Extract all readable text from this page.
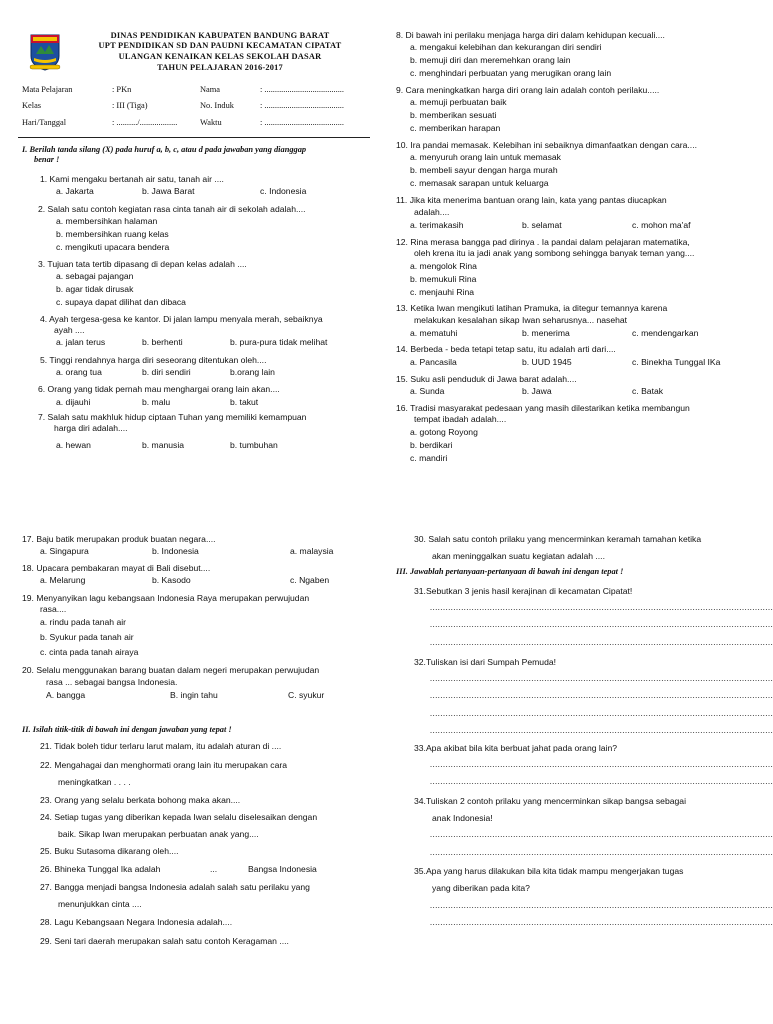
DINAS PENDIDIKAN KABUPATEN BANDUNG BARAT
UPT PENDIDIKAN SD DAN PAUDNI KECAMATAN CIPATAT
ULANGAN KENAIKAN KELAS SEKOLAH DASAR
TAHUN PELAJARAN 2016-2017
Mata Pelajaran	: PKn	Nama	: ......................................
Kelas	: III (Tiga)	No. Induk	: ......................................
Hari/Tanggal	: ........../..................	Waktu	: ......................................
I. Berilah tanda silang (X) pada huruf a, b, c, atau d pada jawaban yang dianggap
benar !
1. Kami mengaku bertanah air satu, tanah air ....
a. Jakarta	b. Jawa Barat	c. Indonesia
2. Salah satu contoh kegiatan rasa cinta tanah air di sekolah adalah....
a. membersihkan halaman
b. membersihkan ruang kelas
c. mengikuti upacara bendera
3. Tujuan tata tertib dipasang di depan kelas adalah ....
a. sebagai pajangan
b. agar tidak dirusak
c. supaya dapat dilihat dan dibaca
4. Ayah tergesa-gesa ke kantor. Di jalan lampu menyala merah, sebaiknya
ayah ....
a. jalan terus	b. berhenti	b. pura-pura tidak melihat
5. Tinggi rendahnya harga diri seseorang ditentukan oleh....
a. orang tua	b. diri sendiri	b.orang lain
6. Orang yang tidak pernah mau menghargai orang lain akan....
a. dijauhi	b. malu	b. takut
7. Salah satu makhluk hidup ciptaan Tuhan yang memiliki kemampuan
harga diri adalah....
a. hewan	b. manusia	b. tumbuhan
8. Di bawah ini perilaku menjaga harga diri dalam kehidupan kecuali....
a. mengakui kelebihan dan kekurangan diri sendiri
b. memuji diri dan meremehkan orang lain
c. menghindari perbuatan yang merugikan orang lain
9. Cara meningkatkan harga diri orang lain adalah contoh perilaku.....
a. memuji perbuatan baik
b. memberikan sesuati
c. memberikan harapan
10. Ira pandai memasak. Kelebihan ini sebaiknya dimanfaatkan dengan cara....
a. menyuruh orang lain untuk memasak
b. membeli sayur dengan harga murah
c. memasak sarapan untuk keluarga
11. Jika kita menerima bantuan orang lain, kata yang pantas diucapkan
adalah....
a. terimakasih	b. selamat	c. mohon ma'af
12. Rina merasa bangga pad dirinya . Ia pandai dalam pelajaran matematika,
oleh krena itu ia jadi anak yang sombong sehingga banyak teman yang....
a. mengolok Rina
b. memukuli Rina
c. menjauhi Rina
13. Ketika Iwan mengikuti latihan Pramuka, ia ditegur temannya karena
melakukan kesalahan sikap Iwan seharusnya... nasehat
a. mematuhi	b. menerima	c. mendengarkan
14. Berbeda - beda tetapi tetap satu, itu adalah arti dari....
a. Pancasila	b. UUD 1945	c. Binekha Tunggal IKa
15. Suku asli penduduk di Jawa barat adalah....
a. Sunda	b. Jawa	c. Batak
16. Tradisi masyarakat pedesaan yang masih dilestarikan ketika membangun
tempat ibadah adalah....
a. gotong Royong
b. berdikari
c. mandiri
17. Baju batik merupakan produk buatan negara....
a. Singapura	b. Indonesia	a. malaysia
18. Upacara pembakaran mayat di Bali disebut....
a. Melarung	b. Kasodo	c. Ngaben
19. Menyanyikan lagu kebangsaan Indonesia Raya merupakan perwujudan
rasa....
a. rindu pada tanah air
b. Syukur pada tanah air
c. cinta pada tanah airaya
20. Selalu menggunakan barang buatan dalam negeri merupakan perwujudan
rasa ... sebagai bangsa Indonesia.
A. bangga	B. ingin tahu	C. syukur
II. Isilah titik-titik di bawah ini dengan jawaban yang tepat !
21. Tidak boleh tidur terlaru larut malam, itu adalah aturan di ....
22. Mengahagai dan menghormati orang lain itu merupakan cara
meningkatkan . . . .
23. Orang yang selalu berkata bohong maka akan....
24. Setiap tugas yang diberikan kepada Iwan selalu diselesaikan dengan
baik. Sikap Iwan merupakan perbuatan anak yang....
25. Buku Sutasoma dikarang oleh....
26. Bhineka Tunggal Ika adalah	...	Bangsa Indonesia
27. Bangga menjadi bangsa Indonesia adalah salah satu perilaku yang
menunjukkan cinta ....
28. Lagu Kebangsaan Negara Indonesia adalah....
29. Seni tari daerah merupakan salah satu contoh Keragaman ....
30. Salah satu contoh prilaku yang mencerminkan keramah tamahan ketika
akan meninggalkan suatu kegiatan adalah ....
III. Jawablah pertanyaan-pertanyaan di bawah ini dengan tepat !
31.Sebutkan 3 jenis hasil kerajinan di kecamatan Cipatat!
....................................................................................................................................
....................................................................................................................................
....................................................................................................................................
32.Tuliskan isi dari Sumpah Pemuda!
....................................................................................................................................
....................................................................................................................................
....................................................................................................................................
....................................................................................................................................
33.Apa akibat bila kita berbuat jahat pada orang lain?
....................................................................................................................................
....................................................................................................................................
34.Tuliskan 2 contoh prilaku yang mencerminkan sikap bangsa sebagai
anak Indonesia!
....................................................................................................................................
....................................................................................................................................
35.Apa yang harus dilakukan bila kita tidak mampu mengerjakan tugas
yang diberikan pada kita?
....................................................................................................................................
....................................................................................................................................
